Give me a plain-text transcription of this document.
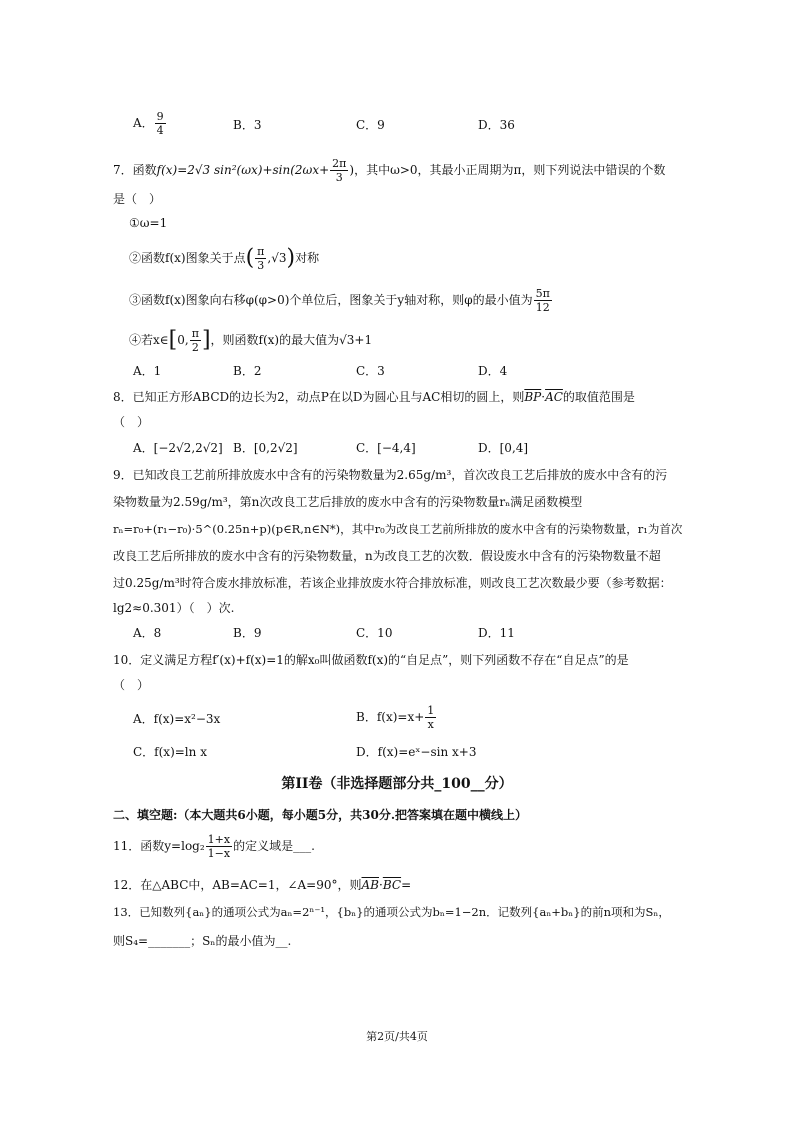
A． $\frac{9}{4}$	B．3	C．9	D．36
7．函数f(x)=2√3 $\sin^2(\omega x)+\sin(2\omega x+ \frac{2\pi}{3}$ )，其中ω>0，其最小正周期为π，则下列说法中错误的个数
是（　）
①ω=1
②函数f(x)图象关于点( $\frac{\pi}{3} ,√3$)对称
③函数f(x)图象向右移φ(φ>0)个单位后，图象关于y轴对称，则φ的最小值为 $\frac{5\pi}{12}$
④若x∈[0, $\frac{\pi}{2}$ ]，则函数f(x)的最大值为√3+1
A．1	B．2	C．3	D．4
8．已知正方形ABCD的边长为2，动点P在以D为圆心且与AC相切的圆上，则$\overline{BP}\cdot\overline{AC}$的取值范围是
（　）
A．[−2√2,2√2] B．[0,2√2]	C．[−4,4]	D．[0,4]
9．已知改良工艺前所排放废水中含有的污染物数量为2.65g/m³，首次改良工艺后排放的废水中含有的污
染物数量为2.59g/m³，第n次改良工艺后排放的废水中含有的污染物数量rₙ满足函数模型
rₙ=r₀+(r₁−r₀)·5^(0.25n+p)(p∈R,n∈N*)，其中r₀为改良工艺前所排放的废水中含有的污染物数量，r₁为首次
改良工艺后所排放的废水中含有的污染物数量，n为改良工艺的次数．假设废水中含有的污染物数量不超
过0.25g/m³时符合废水排放标准，若该企业排放废水符合排放标准，则改良工艺次数最少要（参考数据：
lg2≈0.301）（　）次.
A．8	B．9	C．10	D．11
10．定义满足方程f′(x)+f(x)=1的解x₀叫做函数f(x)的“自足点”，则下列函数不存在“自足点”的是
（　）
A．f(x)=x²−3x	B．$f(x)=x+ \frac{1}{x}$
C．f(x)=ln x	D．f(x)=eˣ−sin x+3
第II卷（非选择题部分共_100__分）
二、填空题:（本大题共6小题，每小题5分，共30分.把答案填在题中横线上）
11．函数$y=\log_2 \frac{1+x}{1-x}$ 的定义域是___.
12．在△ABC中，AB=AC=1，∠A=90°，则$\overline{AB}\cdot\overline{BC}=$
13．已知数列{aₙ}的通项公式为aₙ=2ⁿ⁻¹，{bₙ}的通项公式为bₙ=1−2n．记数列{aₙ+bₙ}的前n项和为Sₙ，
则S₄=_______；Sₙ的最小值为__.
第2页/共4页
